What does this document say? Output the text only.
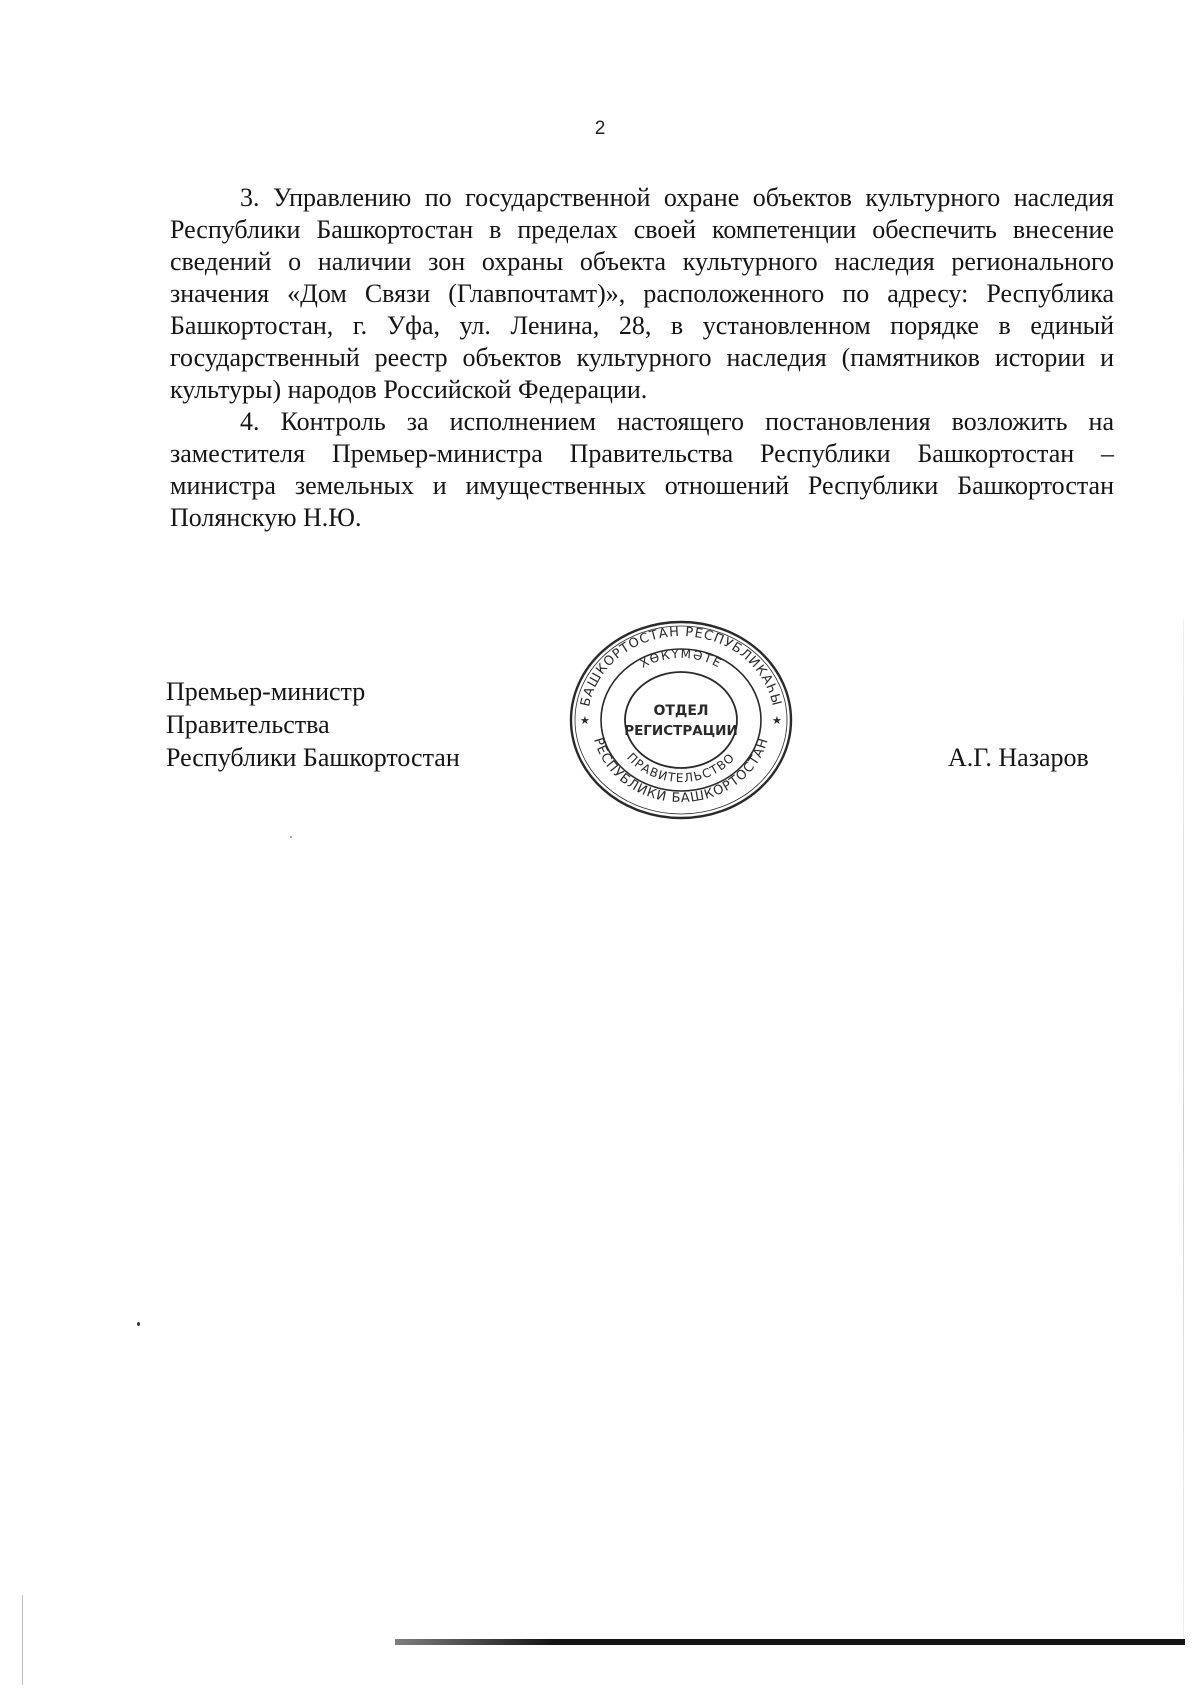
2

3. Управлению по государственной охране объектов культурного наследия Республики Башкортостан в пределах своей компетенции обеспечить внесение сведений о наличии зон охраны объекта культурного наследия регионального значения «Дом Связи (Главпочтамт)», расположенного по адресу: Республика Башкортостан, г. Уфа, ул. Ленина, 28, в установленном порядке в единый государственный реестр объектов культурного наследия (памятников истории и культуры) народов Российской Федерации.

4. Контроль за исполнением настоящего постановления возложить на заместителя Премьер-министра Правительства Республики Башкортостан – министра земельных и имущественных отношений Республики Башкортостан Полянскую Н.Ю.

Премьер-министр
Правительства
Республики Башкортостан	А.Г. Назаров
БАШКОРТОСТАН РЕСПУБЛИКАҺЫ
РЕСПУБЛИКИ БАШКОРТОСТАН
ХӨКҮМӘТЕ
ПРАВИТЕЛЬСТВО
★	★
ОТДЕЛ
РЕГИСТРАЦИИ
